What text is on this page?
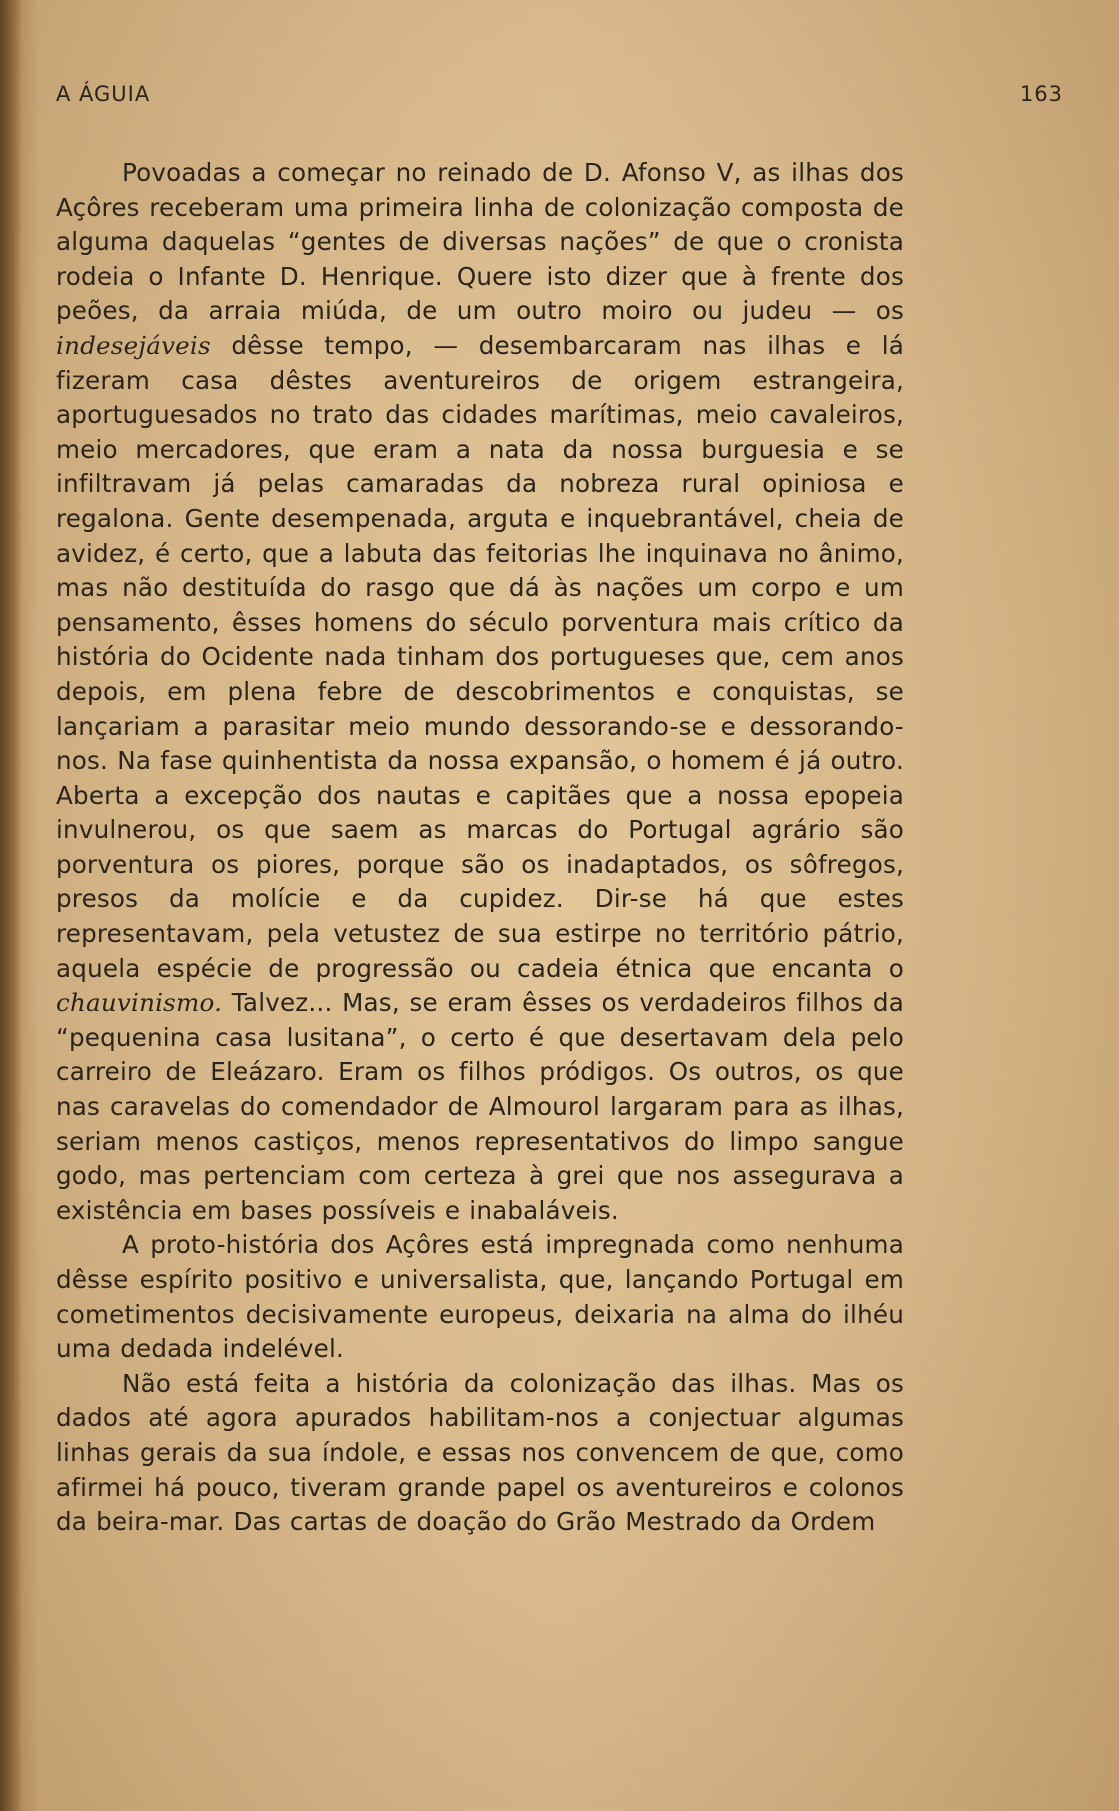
A ÁGUIA	163

Povoadas a começar no reinado de D. Afonso V, as ilhas dos Açôres receberam uma primeira linha de colonização composta de alguma daquelas “gentes de diversas nações” de que o cronista rodeia o Infante D. Henrique. Quere isto dizer que à frente dos peões, da arraia miúda, de um outro moiro ou judeu — os indesejáveis dêsse tempo, — desembarcaram nas ilhas e lá fizeram casa dêstes aventureiros de origem estrangeira, aportuguesados no trato das cidades marítimas, meio cavaleiros, meio mercadores, que eram a nata da nossa burguesia e se infiltravam já pelas camaradas da nobreza rural opiniosa e regalona. Gente desempenada, arguta e inquebrantável, cheia de avidez, é certo, que a labuta das feitorias lhe inquinava no ânimo, mas não destituída do rasgo que dá às nações um corpo e um pensamento, êsses homens do século porventura mais crítico da história do Ocidente nada tinham dos portugueses que, cem anos depois, em plena febre de descobrimentos e conquistas, se lançariam a parasitar meio mundo dessorando-se e dessorando-nos. Na fase quinhentista da nossa expansão, o homem é já outro. Aberta a excepção dos nautas e capitães que a nossa epopeia invulnerou, os que saem as marcas do Portugal agrário são porventura os piores, porque são os inadaptados, os sôfregos, presos da molície e da cupidez. Dir-se há que estes representavam, pela vetustez de sua estirpe no território pátrio, aquela espécie de progressão ou cadeia étnica que encanta o chauvinismo. Talvez... Mas, se eram êsses os verdadeiros filhos da “pequenina casa lusitana”, o certo é que desertavam dela pelo carreiro de Eleázaro. Eram os filhos pródigos. Os outros, os que nas caravelas do comendador de Almourol largaram para as ilhas, seriam menos castiços, menos representativos do limpo sangue godo, mas pertenciam com certeza à grei que nos assegurava a existência em bases possíveis e inabaláveis.

A proto-história dos Açôres está impregnada como nenhuma dêsse espírito positivo e universalista, que, lançando Portugal em cometimentos decisivamente europeus, deixaria na alma do ilhéu uma dedada indelével.

Não está feita a história da colonização das ilhas. Mas os dados até agora apurados habilitam-nos a conjectuar algumas linhas gerais da sua índole, e essas nos convencem de que, como afirmei há pouco, tiveram grande papel os aventureiros e colonos da beira-mar. Das cartas de doação do Grão Mestrado da Ordem
